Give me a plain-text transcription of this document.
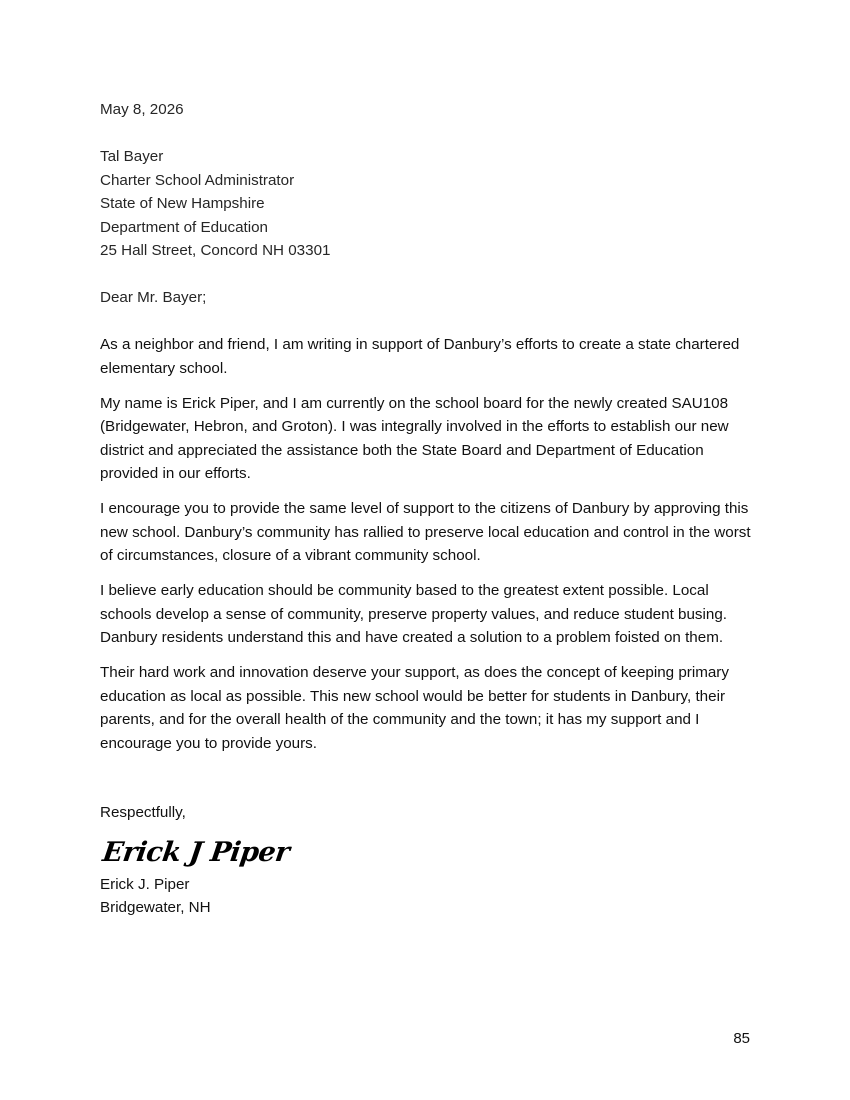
May 8, 2026
Tal Bayer
Charter School Administrator
State of New Hampshire
Department of Education
25 Hall Street, Concord NH 03301
Dear Mr. Bayer;

As a neighbor and friend, I am writing in support of Danbury’s efforts to create a state chartered elementary school.

My name is Erick Piper, and I am currently on the school board for the newly created SAU108 (Bridgewater, Hebron, and Groton). I was integrally involved in the efforts to establish our new district and appreciated the assistance both the State Board and Department of Education provided in our efforts.

I encourage you to provide the same level of support to the citizens of Danbury by approving this new school. Danbury’s community has rallied to preserve local education and control in the worst of circumstances, closure of a vibrant community school.

I believe early education should be community based to the greatest extent possible. Local schools develop a sense of community, preserve property values, and reduce student busing. Danbury residents understand this and have created a solution to a problem foisted on them.

Their hard work and innovation deserve your support, as does the concept of keeping primary education as local as possible. This new school would be better for students in Danbury, their parents, and for the overall health of the community and the town; it has my support and I encourage you to provide yours.

Respectfully,
Erick J Piper
Erick J. Piper
Bridgewater, NH
85
